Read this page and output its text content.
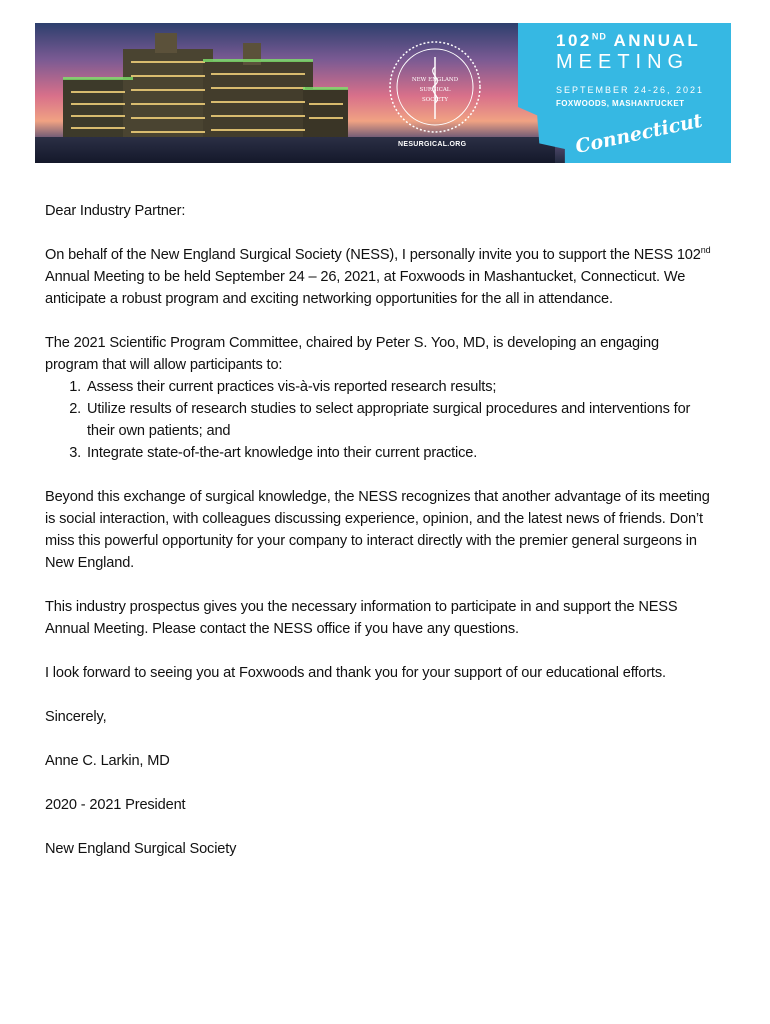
NEW ENGLAND
SURGICAL
SOCIETY
NESURGICAL.ORG
102ND ANNUAL
MEETING
SEPTEMBER 24-26, 2021
FOXWOODS, MASHANTUCKET
Connecticut

Dear Industry Partner:

On behalf of the New England Surgical Society (NESS), I personally invite you to support the NESS 102nd Annual Meeting to be held September 24 – 26, 2021, at Foxwoods in Mashantucket, Connecticut. We anticipate a robust program and exciting networking opportunities for the all in attendance.

The 2021 Scientific Program Committee, chaired by Peter S. Yoo, MD, is developing an engaging program that will allow participants to:

1. Assess their current practices vis-à-vis reported research results;
2. Utilize results of research studies to select appropriate surgical procedures and interventions for their own patients; and
3. Integrate state-of-the-art knowledge into their current practice.

Beyond this exchange of surgical knowledge, the NESS recognizes that another advantage of its meeting is social interaction, with colleagues discussing experience, opinion, and the latest news of friends. Don’t miss this powerful opportunity for your company to interact directly with the premier general surgeons in New England.

This industry prospectus gives you the necessary information to participate in and support the NESS Annual Meeting. Please contact the NESS office if you have any questions.

I look forward to seeing you at Foxwoods and thank you for your support of our educational efforts.

Sincerely,

Anne C. Larkin, MD

2020 - 2021 President

New England Surgical Society
